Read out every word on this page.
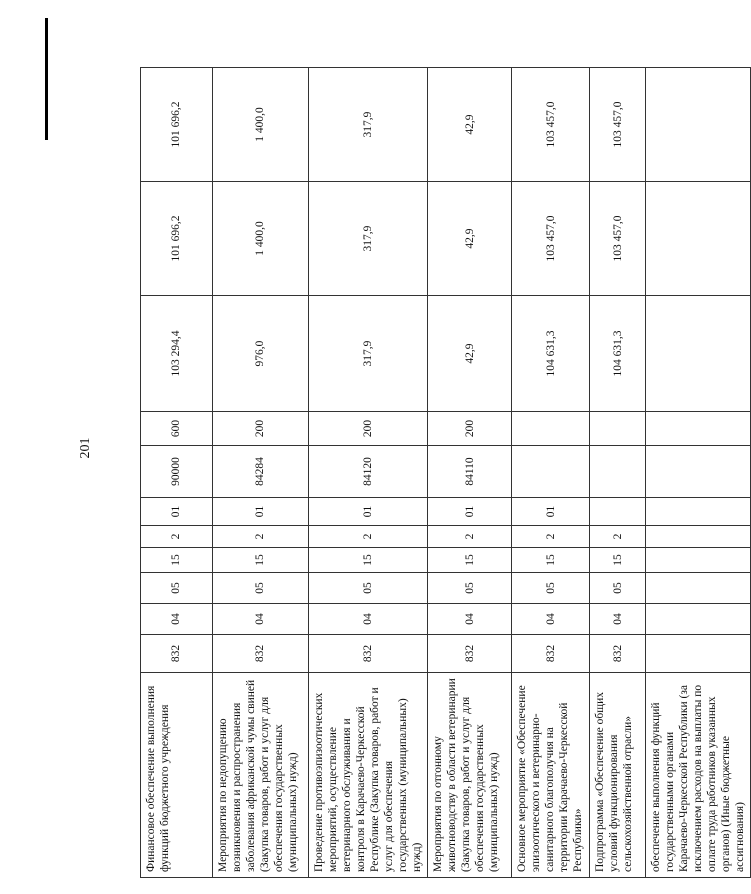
201
Финансовое обеспечение выполнения функций бюджетного учреждения	832	04	05	15	2	01	90000	600	103 294,4	101 696,2	101 696,2
Мероприятия по недопущению возникновения и распространения заболевания африканской чумы свиней (Закупка товаров, работ и услуг для обеспечения государственных (муниципальных) нужд)	832	04	05	15	2	01	84284	200	976,0	1 400,0	1 400,0
Проведение противоэпизоотических мероприятий, осуществление ветеринарного обслуживания и контроля в Карачаево-Черкесской Республике (Закупка товаров, работ и услуг для обеспечения государственных (муниципальных) нужд)	832	04	05	15	2	01	84120	200	317,9	317,9	317,9
Мероприятия по отгонному животноводству в области ветеринарии (Закупка товаров, работ и услуг для обеспечения государственных (муниципальных) нужд)	832	04	05	15	2	01	84110	200	42,9	42,9	42,9
Основное мероприятие «Обеспечение эпизоотического и ветеринарно-санитарного благополучия на территории Карачаево-Черкесской Республики»	832	04	05	15	2	01			104 631,3	103 457,0	103 457,0
Подпрограмма «Обеспечение общих условий функционирования сельскохозяйственной отрасли»	832	04	05	15	2				104 631,3	103 457,0	103 457,0
обеспечение выполнения функций государственными органами Карачаево-Черкесской Республики (за исключением расходов на выплаты по оплате труда работников указанных органов) (Иные бюджетные ассигнования)											
